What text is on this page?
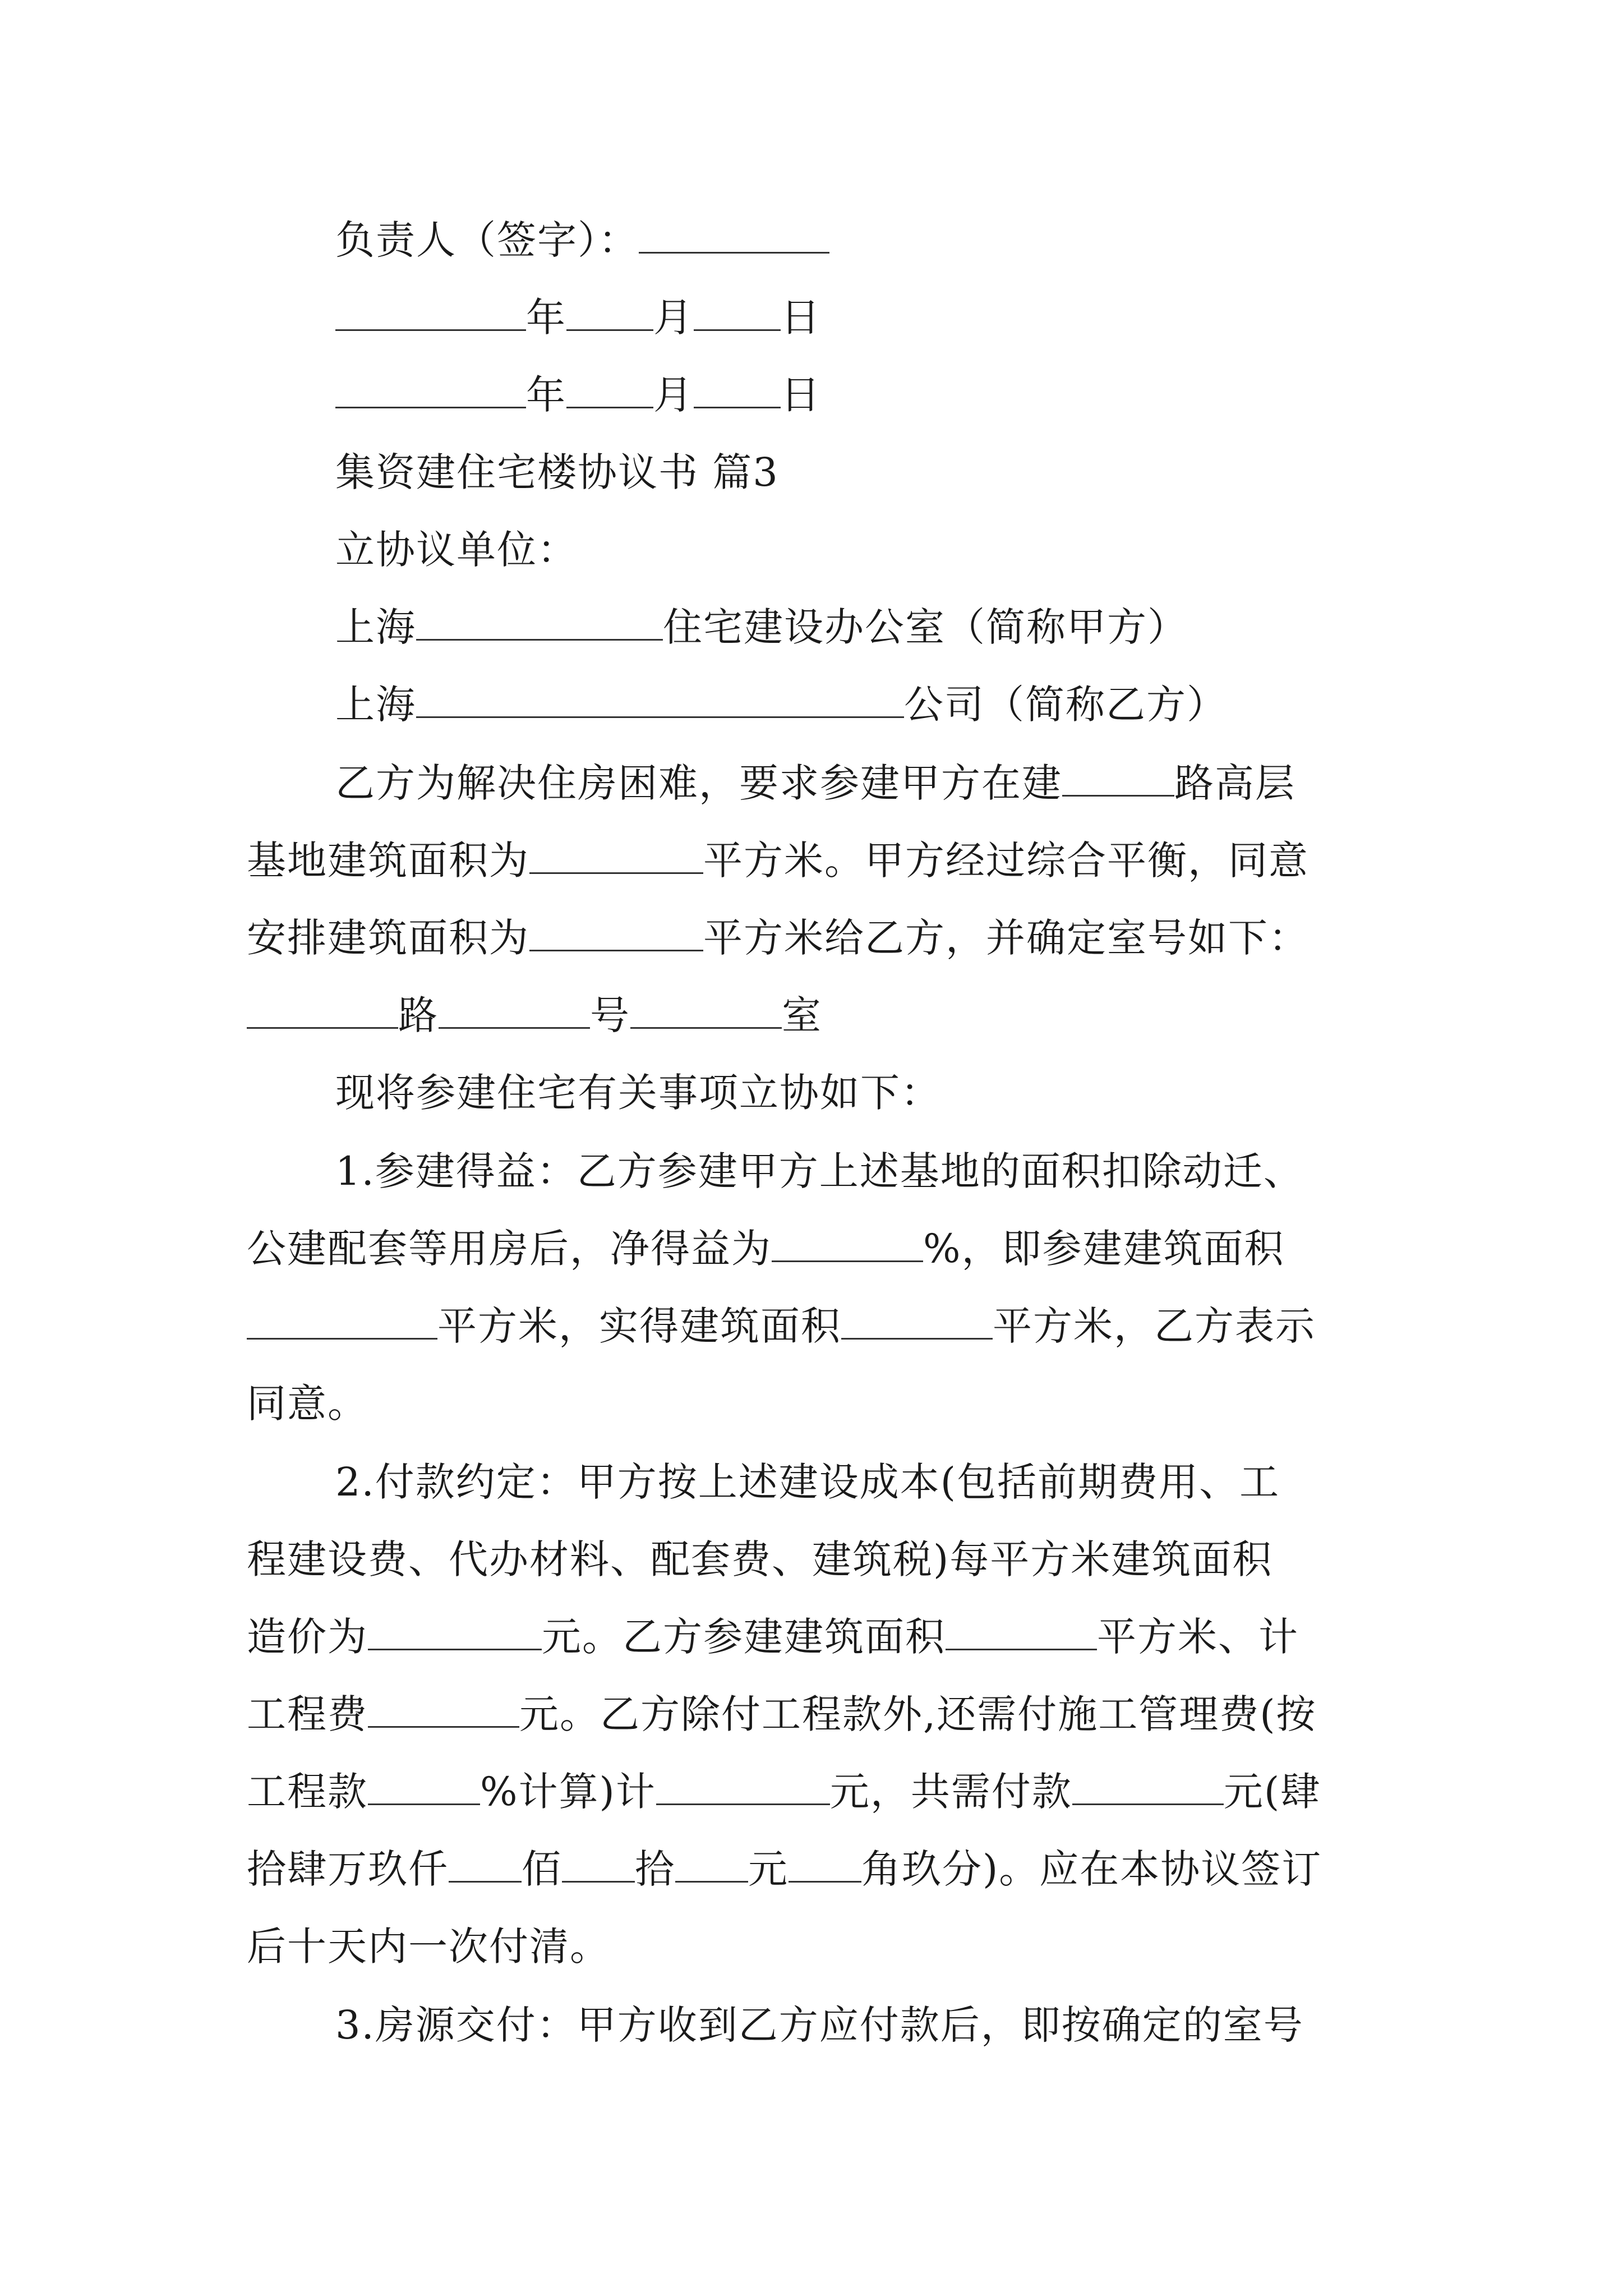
负责人（签字）：
年 月 日
年 月 日
集资建住宅楼协议书 篇3
立协议单位：
上海	住宅建设办公室（简称甲方）
上海	公司（简称乙方）
乙方为解决住房困难，要求参建甲方在建	路高层
基地建筑面积为	平方米。甲方经过综合平衡，同意
安排建筑面积为	平方米给乙方，并确定室号如下：
路	号	室
现将参建住宅有关事项立协如下：
1.参建得益：乙方参建甲方上述基地的面积扣除动迁、
公建配套等用房后，净得益为	%，即参建建筑面积
平方米，实得建筑面积	平方米，乙方表示
同意。
2.付款约定：甲方按上述建设成本(包括前期费用、工
程建设费、代办材料、配套费、建筑税)每平方米建筑面积
造价为	元。乙方参建建筑面积	平方米、计
工程费	元。乙方除付工程款外,还需付施工管理费(按
工程款	%计算)计	元，共需付款	元(肆
拾肆万玖仟 佰 拾 元 角玖分)。应在本协议签订
后十天内一次付清。
3.房源交付：甲方收到乙方应付款后，即按确定的室号
